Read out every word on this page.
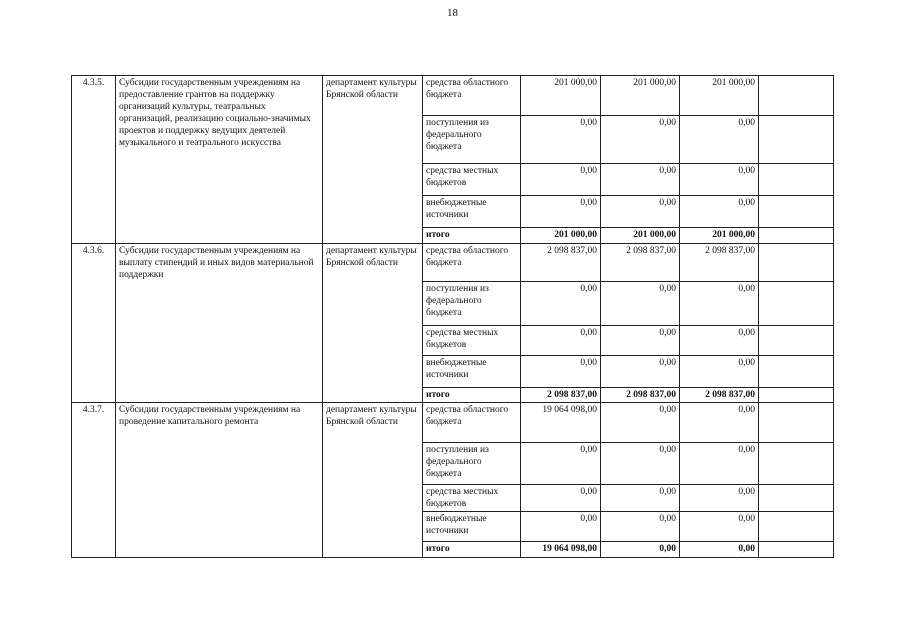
18
4.3.5.	Субсидии государственным учреждениям на предоставление грантов на поддержку организаций культуры, театральных организаций, реализацию социально-значимых проектов и поддержку ведущих деятелей музыкального и театрального искусства	департамент культуры Брянской области	средства областного бюджета	201 000,00	201 000,00	201 000,00	
			поступления из федерального бюджета	0,00	0,00	0,00	
			средства местных бюджетов	0,00	0,00	0,00	
			внебюджетные источники	0,00	0,00	0,00	
			итого	201 000,00	201 000,00	201 000,00	
4.3.6.	Субсидии государственным учреждениям на выплату стипендий и иных видов материальной поддержки	департамент культуры Брянской области	средства областного бюджета	2 098 837,00	2 098 837,00	2 098 837,00	
			поступления из федерального бюджета	0,00	0,00	0,00	
			средства местных бюджетов	0,00	0,00	0,00	
			внебюджетные источники	0,00	0,00	0,00	
			итого	2 098 837,00	2 098 837,00	2 098 837,00	
4.3.7.	Субсидии государственным учреждениям на проведение капитального ремонта	департамент культуры Брянской области	средства областного бюджета	19 064 098,00	0,00	0,00	
			поступления из федерального бюджета	0,00	0,00	0,00	
			средства местных бюджетов	0,00	0,00	0,00	
			внебюджетные источники	0,00	0,00	0,00	
			итого	19 064 098,00	0,00	0,00	
